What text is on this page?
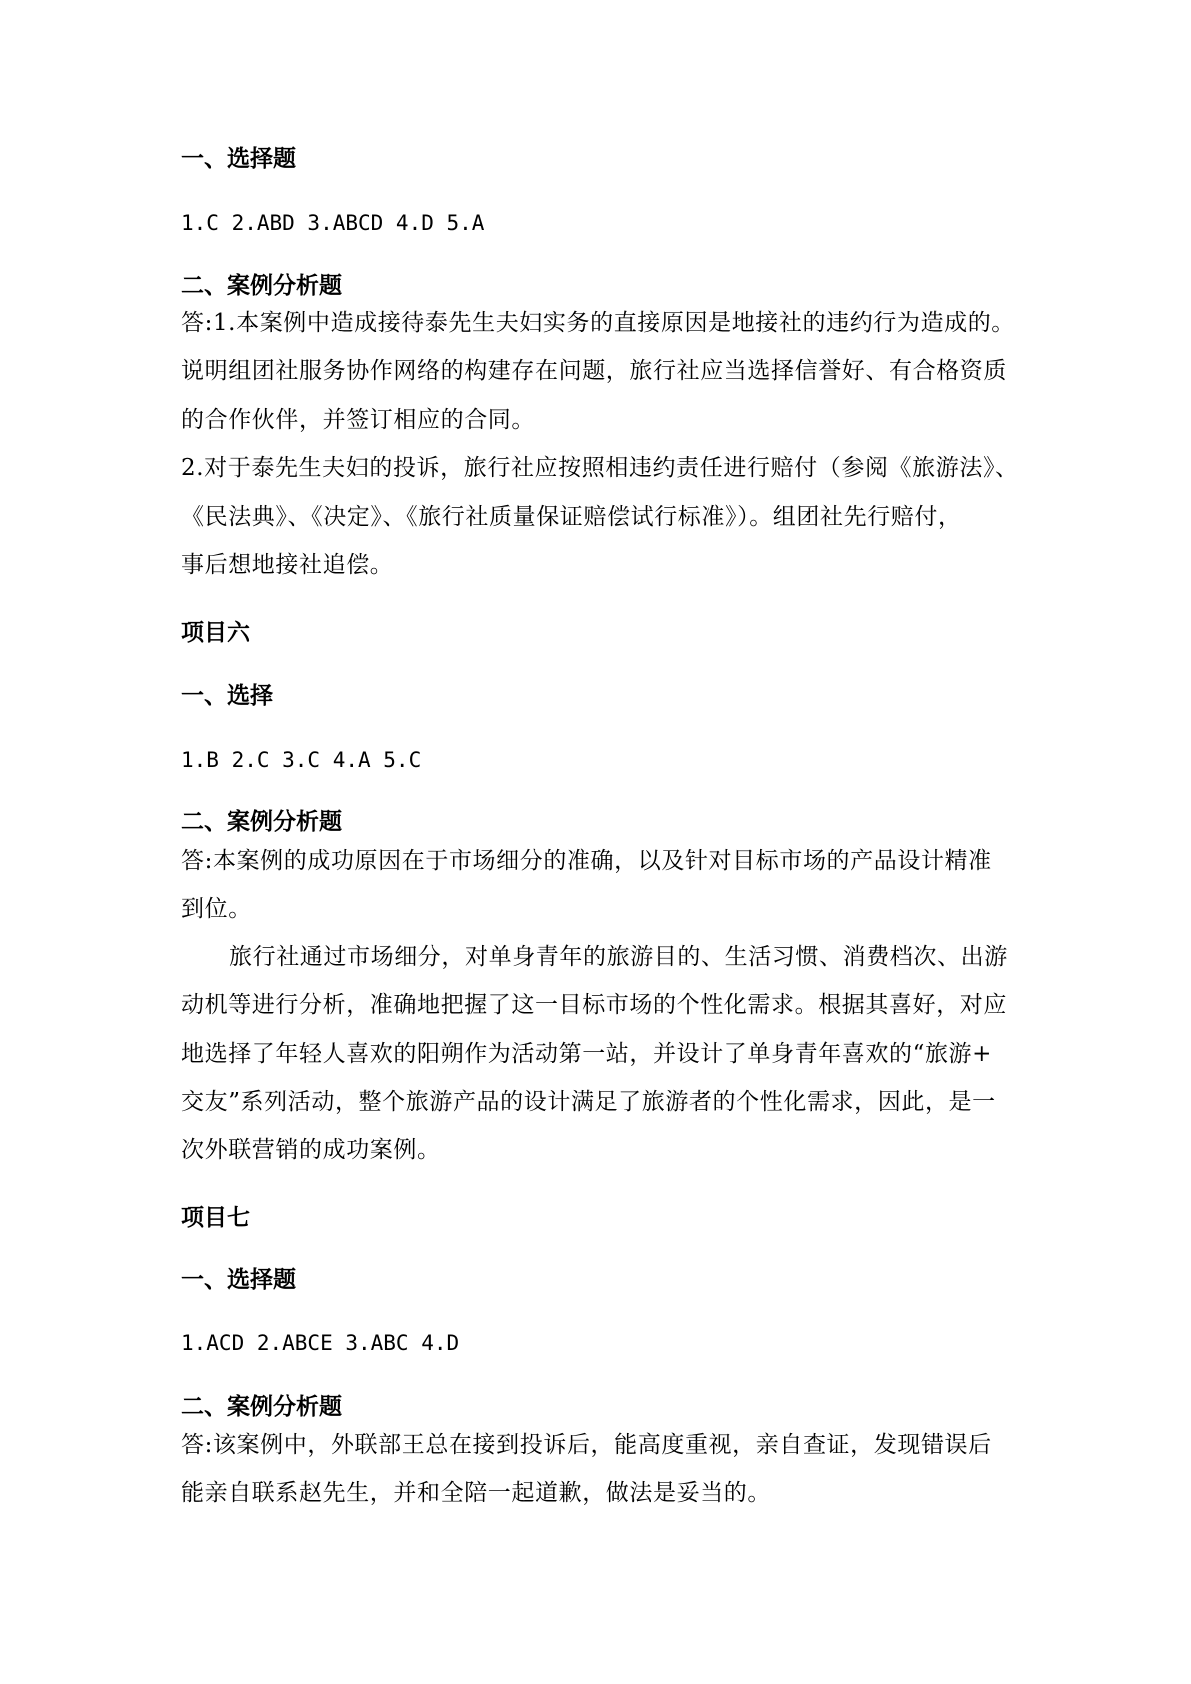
一、选择题
1.C 2.ABD 3.ABCD 4.D 5.A
二、案例分析题
答:1.本案例中造成接待泰先生夫妇实务的直接原因是地接社的违约行为造成的。
说明组团社服务协作网络的构建存在问题，旅行社应当选择信誉好、有合格资质
的合作伙伴，并签订相应的合同。
2.对于泰先生夫妇的投诉，旅行社应按照相违约责任进行赔付（参阅《旅游法》、
《民法典》、《决定》、《旅行社质量保证赔偿试行标准》）。组团社先行赔付，
事后想地接社追偿。
项目六
一、选择
1.B 2.C 3.C 4.A 5.C
二、案例分析题
答:本案例的成功原因在于市场细分的准确，以及针对目标市场的产品设计精准
到位。
旅行社通过市场细分，对单身青年的旅游目的、生活习惯、消费档次、出游
动机等进行分析，准确地把握了这一目标市场的个性化需求。根据其喜好，对应
地选择了年轻人喜欢的阳朔作为活动第一站，并设计了单身青年喜欢的“旅游+
交友”系列活动，整个旅游产品的设计满足了旅游者的个性化需求，因此，是一
次外联营销的成功案例。
项目七
一、选择题
1.ACD 2.ABCE 3.ABC 4.D
二、案例分析题
答:该案例中，外联部王总在接到投诉后，能高度重视，亲自查证，发现错误后
能亲自联系赵先生，并和全陪一起道歉，做法是妥当的。
